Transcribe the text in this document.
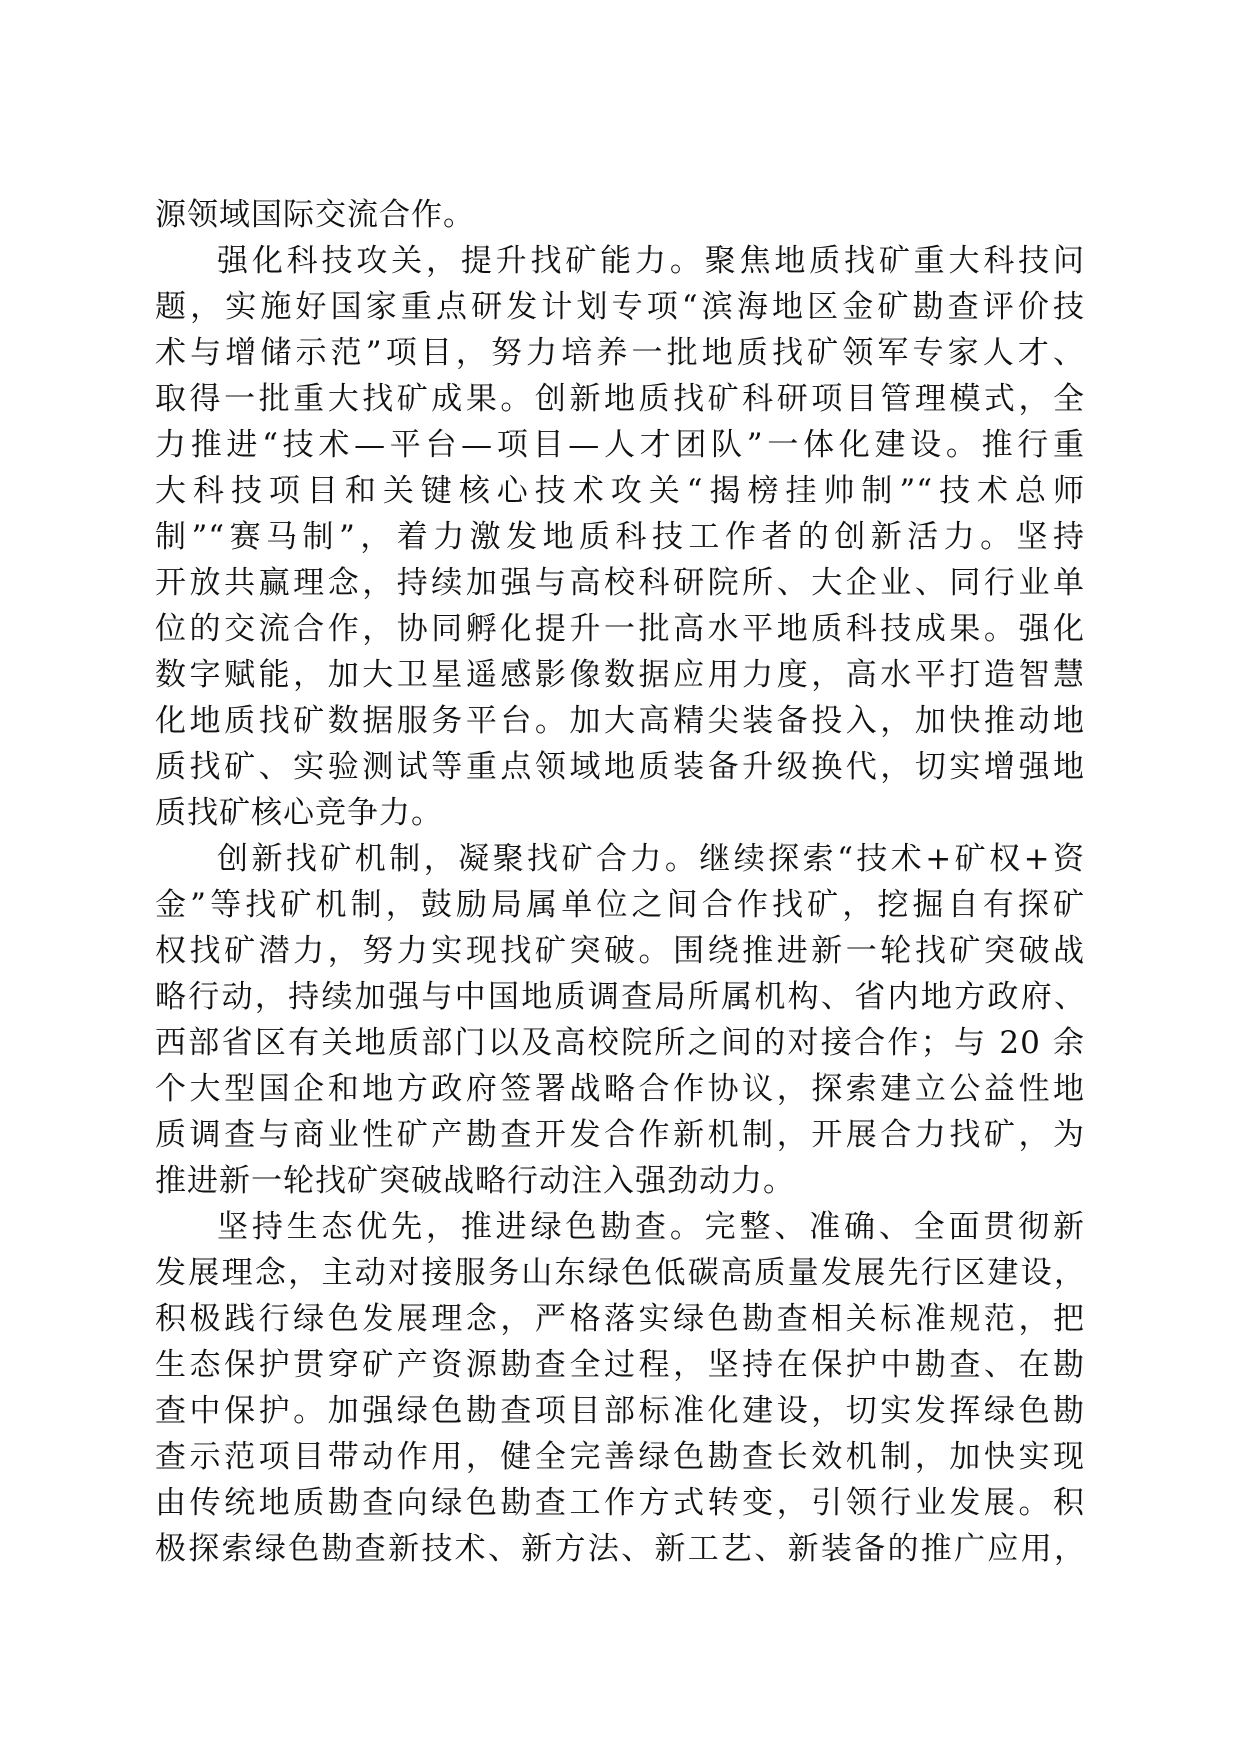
源领域国际交流合作。
强化科技攻关，提升找矿能力。聚焦地质找矿重大科技问
题，实施好国家重点研发计划专项“滨海地区金矿勘查评价技
术与增储示范”项目，努力培养一批地质找矿领军专家人才、
取得一批重大找矿成果。创新地质找矿科研项目管理模式，全
力推进“技术—平台—项目—人才团队”一体化建设。推行重
大科技项目和关键核心技术攻关“揭榜挂帅制”“技术总师
制”“赛马制”，着力激发地质科技工作者的创新活力。坚持
开放共赢理念，持续加强与高校科研院所、大企业、同行业单
位的交流合作，协同孵化提升一批高水平地质科技成果。强化
数字赋能，加大卫星遥感影像数据应用力度，高水平打造智慧
化地质找矿数据服务平台。加大高精尖装备投入，加快推动地
质找矿、实验测试等重点领域地质装备升级换代，切实增强地
质找矿核心竞争力。
创新找矿机制，凝聚找矿合力。继续探索“技术+矿权+资
金”等找矿机制，鼓励局属单位之间合作找矿，挖掘自有探矿
权找矿潜力，努力实现找矿突破。围绕推进新一轮找矿突破战
略行动，持续加强与中国地质调查局所属机构、省内地方政府、
西部省区有关地质部门以及高校院所之间的对接合作；与 20 余
个大型国企和地方政府签署战略合作协议，探索建立公益性地
质调查与商业性矿产勘查开发合作新机制，开展合力找矿，为
推进新一轮找矿突破战略行动注入强劲动力。
坚持生态优先，推进绿色勘查。完整、准确、全面贯彻新
发展理念，主动对接服务山东绿色低碳高质量发展先行区建设，
积极践行绿色发展理念，严格落实绿色勘查相关标准规范，把
生态保护贯穿矿产资源勘查全过程，坚持在保护中勘查、在勘
查中保护。加强绿色勘查项目部标准化建设，切实发挥绿色勘
查示范项目带动作用，健全完善绿色勘查长效机制，加快实现
由传统地质勘查向绿色勘查工作方式转变，引领行业发展。积
极探索绿色勘查新技术、新方法、新工艺、新装备的推广应用，
